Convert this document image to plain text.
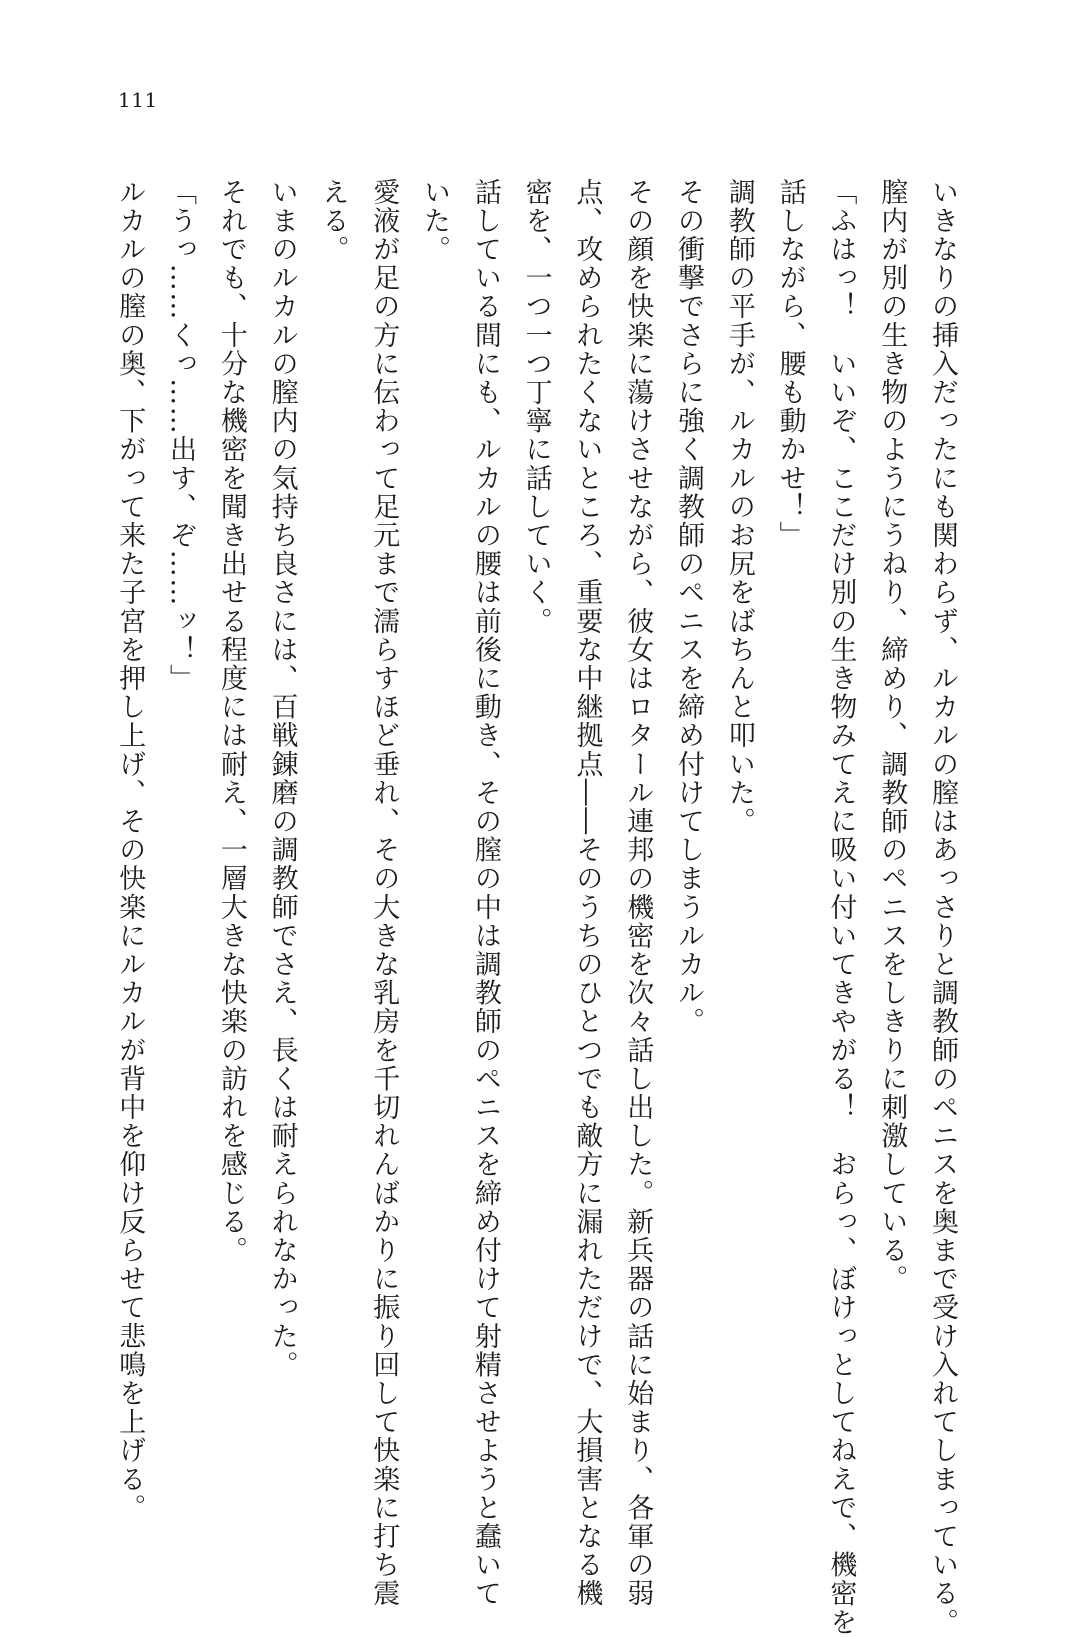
111
いきなりの挿入だったにも関わらず、ルカルの膣はあっさりと調教師のペニスを奥まで受け入れてしまっている。
膣内が別の生き物のようにうねり、締めり、調教師のペニスをしきりに刺激している。
「ふはっ！　いいぞ、ここだけ別の生き物みてえに吸い付いてきやがる！　おらっ、ぼけっとしてねえで、機密を
話しながら、腰も動かせ！」
調教師の平手が、ルカルのお尻をばちんと叩いた。
その衝撃でさらに強く調教師のペニスを締め付けてしまうルカル。
その顔を快楽に蕩けさせながら、彼女はロタール連邦の機密を次々話し出した。新兵器の話に始まり、各軍の弱
点、攻められたくないところ、重要な中継拠点――そのうちのひとつでも敵方に漏れただけで、大損害となる機
密を、一つ一つ丁寧に話していく。
話している間にも、ルカルの腰は前後に動き、その膣の中は調教師のペニスを締め付けて射精させようと蠢いて
いた。
愛液が足の方に伝わって足元まで濡らすほど垂れ、その大きな乳房を千切れんばかりに振り回して快楽に打ち震
える。
いまのルカルの膣内の気持ち良さには、百戦錬磨の調教師でさえ、長くは耐えられなかった。
それでも、十分な機密を聞き出せる程度には耐え、一層大きな快楽の訪れを感じる。
「うっ……くっ……出す、ぞ……ッ！」
ルカルの膣の奥、下がって来た子宮を押し上げ、その快楽にルカルが背中を仰け反らせて悲鳴を上げる。
